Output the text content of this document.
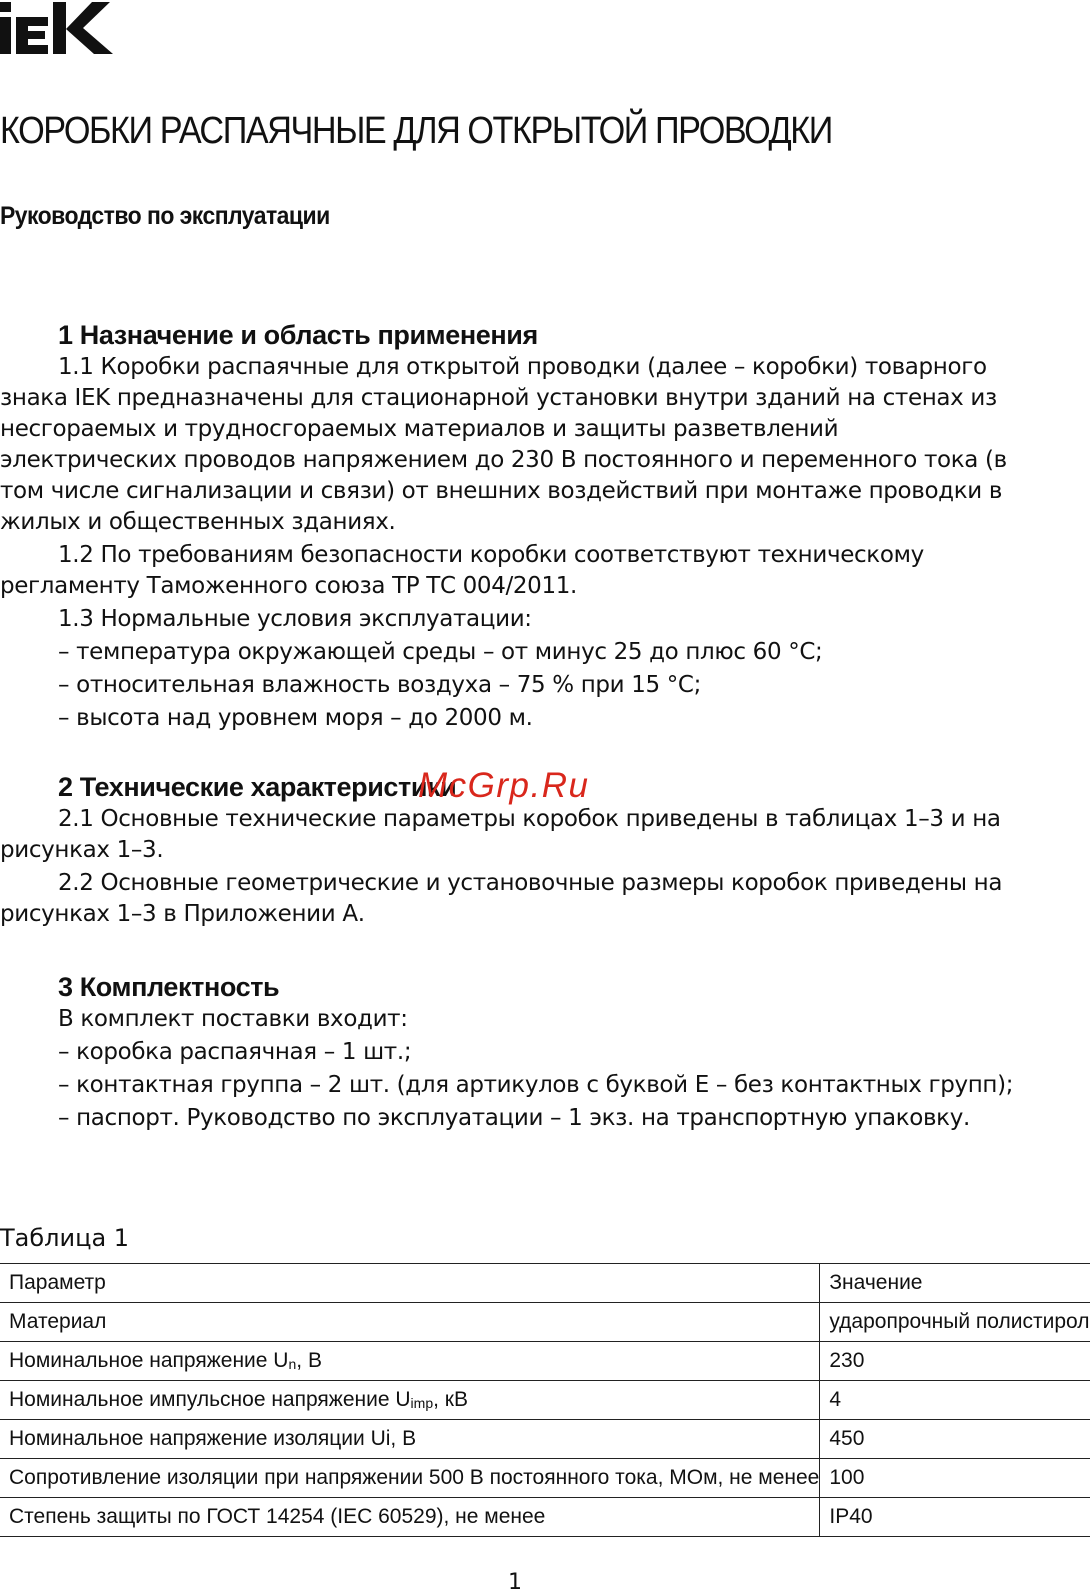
КОРОБКИ РАСПАЯЧНЫЕ ДЛЯ ОТКРЫТОЙ ПРОВОДКИ
Руководство по эксплуатации
1 Назначение и область применения

1.1 Коробки распаячные для открытой проводки (далее – коробки) товарного знака IEK предназначены для стационарной установки внутри зданий на стенах из несгораемых и трудносгораемых материалов и защиты разветвлений электрических проводов напряжением до 230 В постоянного и переменного тока (в том числе сигнализации и связи) от внешних воздействий при монтаже проводки в жилых и общественных зданиях.

1.2 По требованиям безопасности коробки соответствуют техническому регламенту Таможенного союза ТР ТС 004/2011.

1.3 Нормальные условия эксплуатации:

– температура окружающей среды – от минус 25 до плюс 60 °С;

– относительная влажность воздуха – 75 % при 15 °С;

– высота над уровнем моря – до 2000 м.

2 Технические характеристики

2.1 Основные технические параметры коробок приведены в таблицах 1–3 и на рисунках 1–3.

2.2 Основные геометрические и установочные размеры коробок приведены на рисунках 1–3 в Приложении А.

3 Комплектность

В комплект поставки входит:

– коробка распаячная – 1 шт.;

– контактная группа – 2 шт. (для артикулов с буквой Е – без контактных групп);

– паспорт. Руководство по эксплуатации – 1 экз. на транспортную упаковку.

McGrp.Ru
Таблица 1
Параметр	Значение
Материал	ударопрочный полистирол
Номинальное напряжение $U_n$, В	230
Номинальное импульсное напряжение $U_{imp}$, кВ	4
Номинальное напряжение изоляции Ui, В	450
Сопротивление изоляции при напряжении 500 В постоянного тока, МОм, не менее	100
Степень защиты по ГОСТ 14254 (IEC 60529), не менее	IP40
1
